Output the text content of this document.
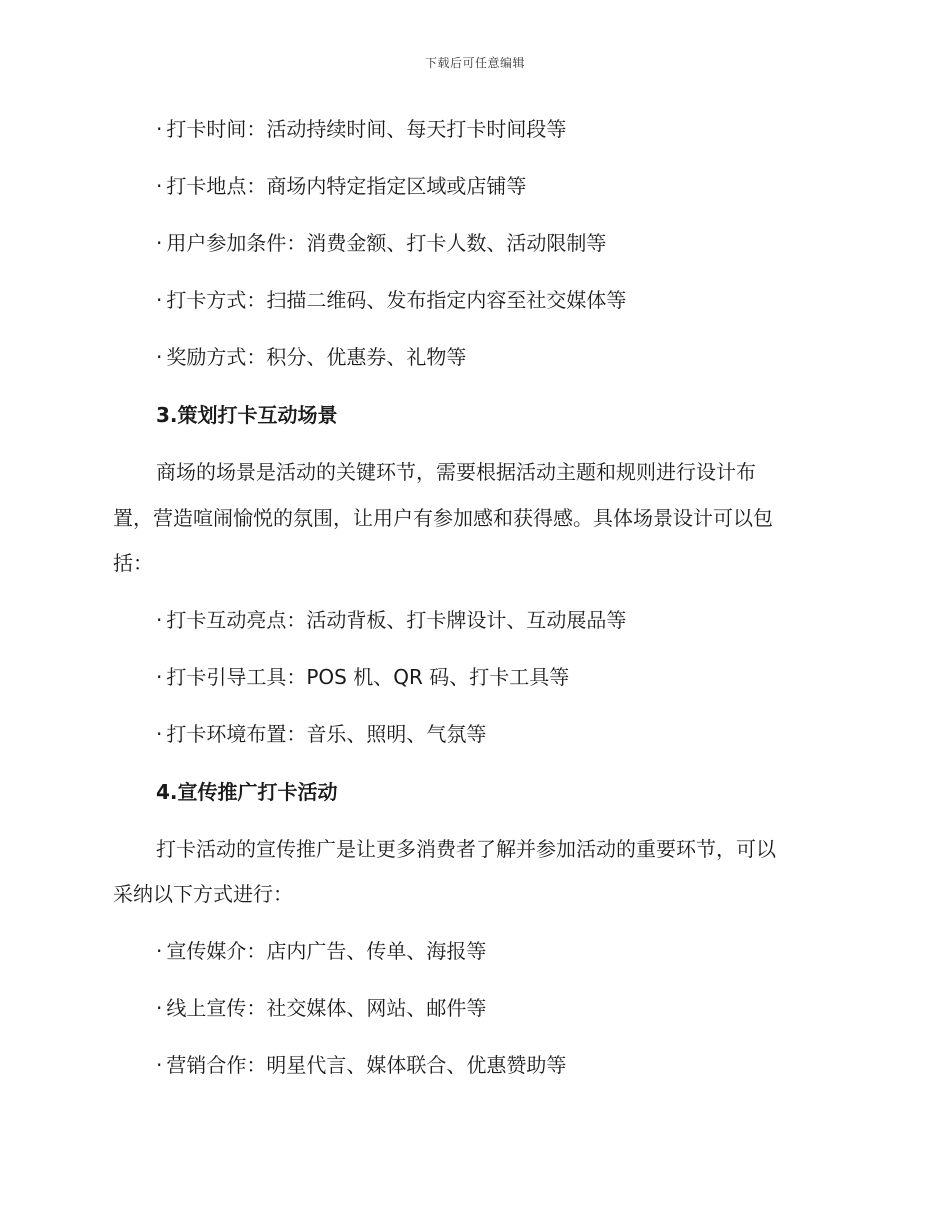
下载后可任意编辑
· 打卡时间：活动持续时间、每天打卡时间段等
· 打卡地点：商场内特定指定区域或店铺等
· 用户参加条件：消费金额、打卡人数、活动限制等
· 打卡方式：扫描二维码、发布指定内容至社交媒体等
· 奖励方式：积分、优惠券、礼物等
3.策划打卡互动场景
商场的场景是活动的关键环节，需要根据活动主题和规则进行设计布
置，营造喧闹愉悦的氛围，让用户有参加感和获得感。具体场景设计可以包
括：
· 打卡互动亮点：活动背板、打卡牌设计、互动展品等
· 打卡引导工具：POS 机、QR 码、打卡工具等
· 打卡环境布置：音乐、照明、气氛等
4.宣传推广打卡活动
打卡活动的宣传推广是让更多消费者了解并参加活动的重要环节，可以
采纳以下方式进行：
· 宣传媒介：店内广告、传单、海报等
· 线上宣传：社交媒体、网站、邮件等
· 营销合作：明星代言、媒体联合、优惠赞助等
